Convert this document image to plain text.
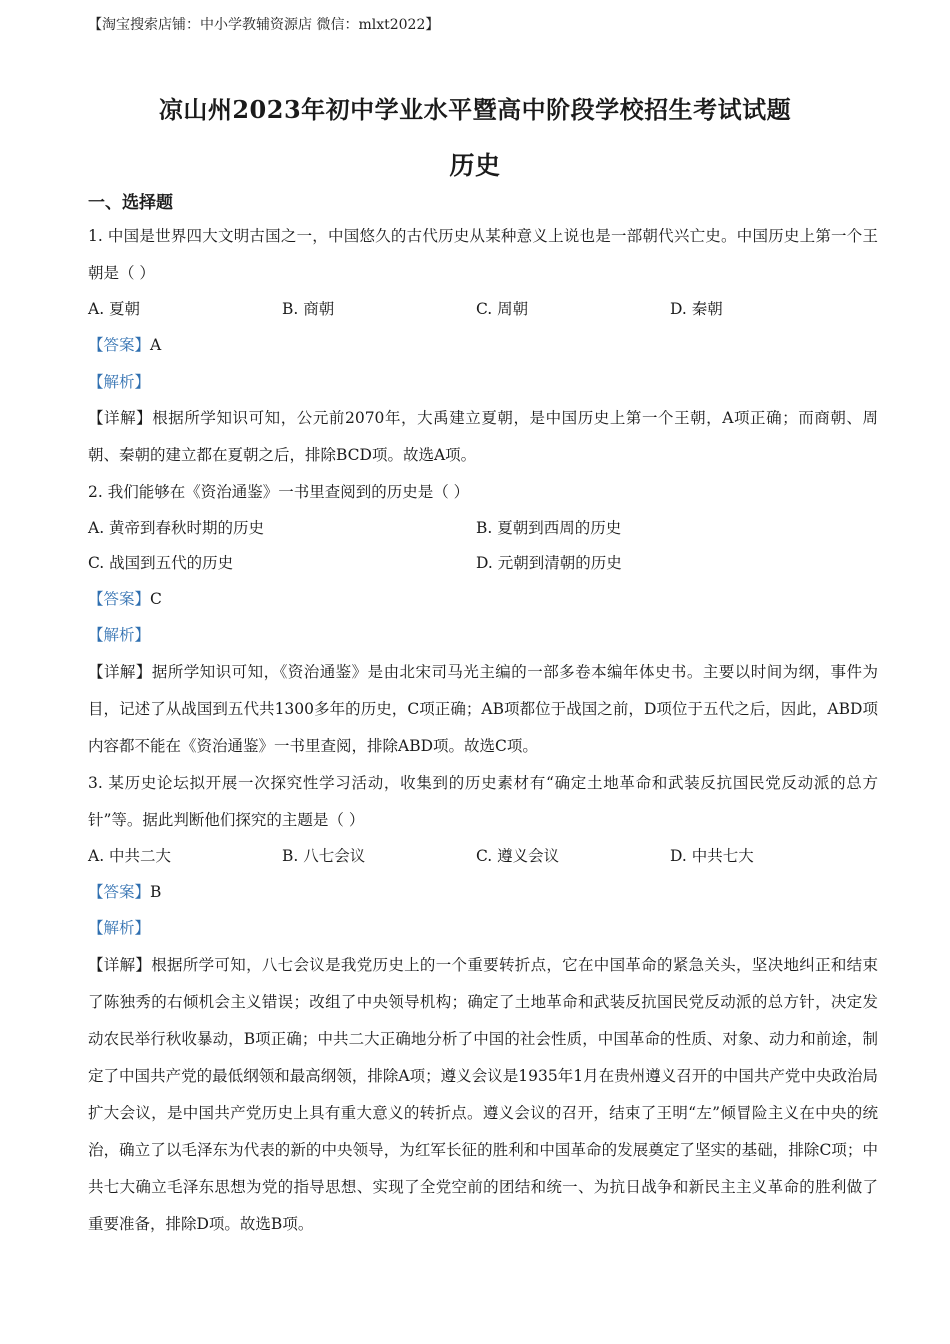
【淘宝搜索店铺：中小学教辅资源店 微信：mlxt2022】
凉山州2023年初中学业水平暨高中阶段学校招生考试试题
历史
一、选择题
1. 中国是世界四大文明古国之一，中国悠久的古代历史从某种意义上说也是一部朝代兴亡史。中国历史上第一个王朝是（ ）
A. 夏朝	B. 商朝	C. 周朝	D. 秦朝
【答案】A
【解析】
【详解】根据所学知识可知，公元前2070年，大禹建立夏朝，是中国历史上第一个王朝，A项正确；而商朝、周朝、秦朝的建立都在夏朝之后，排除BCD项。故选A项。
2. 我们能够在《资治通鉴》一书里查阅到的历史是（ ）
A. 黄帝到春秋时期的历史	B. 夏朝到西周的历史
C. 战国到五代的历史	D. 元朝到清朝的历史
【答案】C
【解析】
【详解】据所学知识可知，《资治通鉴》是由北宋司马光主编的一部多卷本编年体史书。主要以时间为纲，事件为目，记述了从战国到五代共1300多年的历史，C项正确；AB项都位于战国之前，D项位于五代之后，因此，ABD项内容都不能在《资治通鉴》一书里查阅，排除ABD项。故选C项。
3. 某历史论坛拟开展一次探究性学习活动，收集到的历史素材有“确定土地革命和武装反抗国民党反动派的总方针”等。据此判断他们探究的主题是（ ）
A. 中共二大	B. 八七会议	C. 遵义会议	D. 中共七大
【答案】B
【解析】
【详解】根据所学可知，八七会议是我党历史上的一个重要转折点，它在中国革命的紧急关头，坚决地纠正和结束了陈独秀的右倾机会主义错误；改组了中央领导机构；确定了土地革命和武装反抗国民党反动派的总方针，决定发动农民举行秋收暴动，B项正确；中共二大正确地分析了中国的社会性质，中国革命的性质、对象、动力和前途，制定了中国共产党的最低纲领和最高纲领，排除A项；遵义会议是1935年1月在贵州遵义召开的中国共产党中央政治局扩大会议，是中国共产党历史上具有重大意义的转折点。遵义会议的召开，结束了王明“左”倾冒险主义在中央的统治，确立了以毛泽东为代表的新的中央领导，为红军长征的胜利和中国革命的发展奠定了坚实的基础，排除C项；中共七大确立毛泽东思想为党的指导思想、实现了全党空前的团结和统一、为抗日战争和新民主主义革命的胜利做了重要准备，排除D项。故选B项。
